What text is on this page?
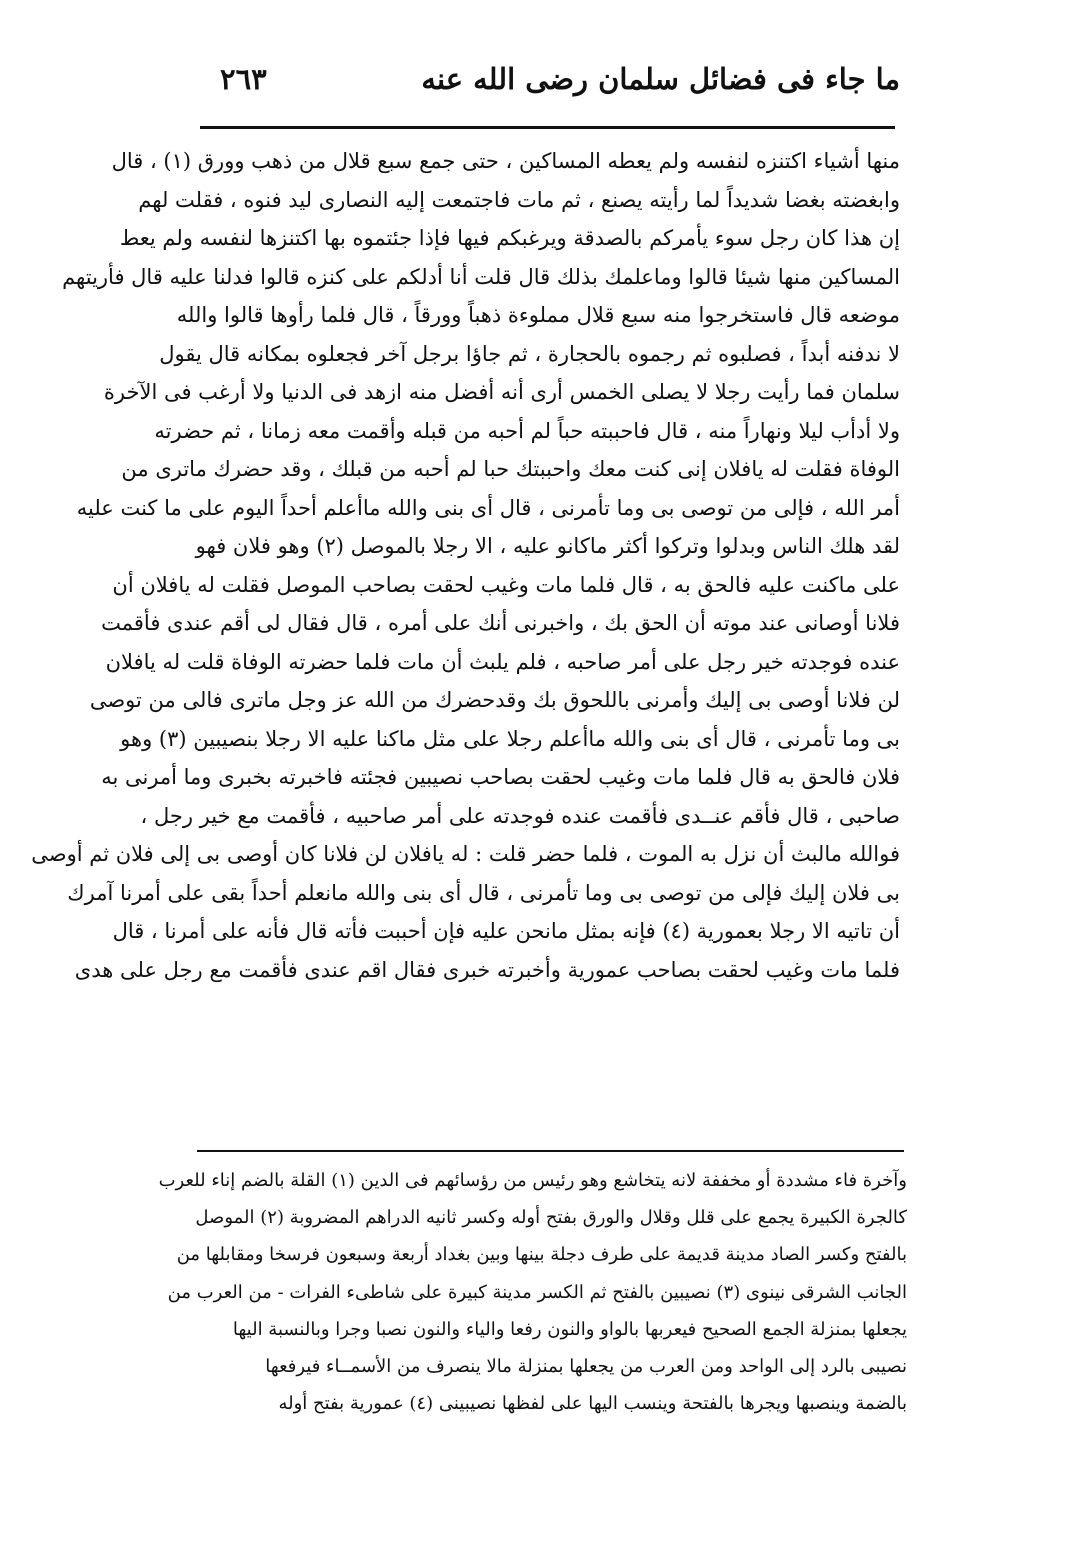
ما جاء فى فضائل سلمان رضى الله عنه
٢٦٣
منها أشياء اكتنزه لنفسه ولم يعطه المساكين ، حتى جمع سبع قلال من ذهب وورق (١) ، قال
وابغضته بغضا شديداً لما رأيته يصنع ، ثم مات فاجتمعت إليه النصارى ليد فنوه ، فقلت لهم
إن هذا كان رجل سوء يأمركم بالصدقة ويرغبكم فيها فإذا جئتموه بها اكتنزها لنفسه ولم يعط
المساكين منها شيئا قالوا وماعلمك بذلك قال قلت أنا أدلكم على كنزه قالوا فدلنا عليه قال فأريتهم
موضعه قال فاستخرجوا منه سبع قلال مملوءة ذهباً وورقاً ، قال فلما رأوها قالوا والله
لا ندفنه أبداً ، فصلبوه ثم رجموه بالحجارة ، ثم جاؤا برجل آخر فجعلوه بمكانه قال يقول
سلمان فما رأيت رجلا لا يصلى الخمس أرى أنه أفضل منه ازهد فى الدنيا ولا أرغب فى الآخرة
ولا أدأب ليلا ونهاراً منه ، قال فاحببته حباً لم أحبه من قبله وأقمت معه زمانا ، ثم حضرته
الوفاة فقلت له يافلان إنى كنت معك واحببتك حبا لم أحبه من قبلك ، وقد حضرك ماترى من
أمر الله ، فإلى من توصى بى وما تأمرنى ، قال أى بنى والله ماأعلم أحداً اليوم على ما كنت عليه
لقد هلك الناس وبدلوا وتركوا أكثر ماكانو عليه ، الا رجلا بالموصل (٢) وهو فلان فهو
على ماكنت عليه فالحق به ، قال فلما مات وغيب لحقت بصاحب الموصل فقلت له يافلان أن
فلانا أوصانى عند موته أن الحق بك ، واخبرنى أنك على أمره ، قال فقال لى أقم عندى فأقمت
عنده فوجدته خير رجل على أمر صاحبه ، فلم يلبث أن مات فلما حضرته الوفاة قلت له يافلان
لن فلانا أوصى بى إليك وأمرنى باللحوق بك وقدحضرك من الله عز وجل ماترى فالى من توصى
بى وما تأمرنى ، قال أى بنى والله ماأعلم رجلا على مثل ماكنا عليه الا رجلا بنصيبين (٣) وهو
فلان فالحق به قال فلما مات وغيب لحقت بصاحب نصيبين فجئته فاخبرته بخبرى وما أمرنى به
صاحبى ، قال فأقم عنــدى فأقمت عنده فوجدته على أمر صاحبيه ، فأقمت مع خير رجل ،
فوالله مالبث أن نزل به الموت ، فلما حضر قلت : له يافلان لن فلانا كان أوصى بى إلى فلان ثم أوصى
بى فلان إليك فإلى من توصى بى وما تأمرنى ، قال أى بنى والله مانعلم أحداً بقى على أمرنا آمرك
أن تاتيه الا رجلا بعمورية (٤) فإنه بمثل مانحن عليه فإن أحببت فأته قال فأنه على أمرنا ، قال
فلما مات وغيب لحقت بصاحب عمورية وأخبرته خبرى فقال اقم عندى فأقمت مع رجل على هدى
وآخرة فاء مشددة أو مخففة لانه يتخاشع وهو رئيس من رؤسائهم فى الدين (١) القلة بالضم إناء للعرب
كالجرة الكبيرة يجمع على قلل وقلال والورق بفتح أوله وكسر ثانيه الدراهم المضروبة (٢) الموصل
بالفتح وكسر الصاد مدينة قديمة على طرف دجلة بينها وبين بغداد أربعة وسبعون فرسخا ومقابلها من
الجانب الشرقى نينوى (٣) نصيبين بالفتح ثم الكسر مدينة كبيرة على شاطىء الفرات - من العرب من
يجعلها بمنزلة الجمع الصحيح فيعربها بالواو والنون رفعا والياء والنون نصبا وجرا وبالنسبة اليها
نصيبى بالرد إلى الواحد ومن العرب من يجعلها بمنزلة مالا ينصرف من الأسمــاء فيرفعها
بالضمة وينصبها ويجرها بالفتحة وينسب اليها على لفظها نصيبينى (٤) عمورية بفتح أوله
